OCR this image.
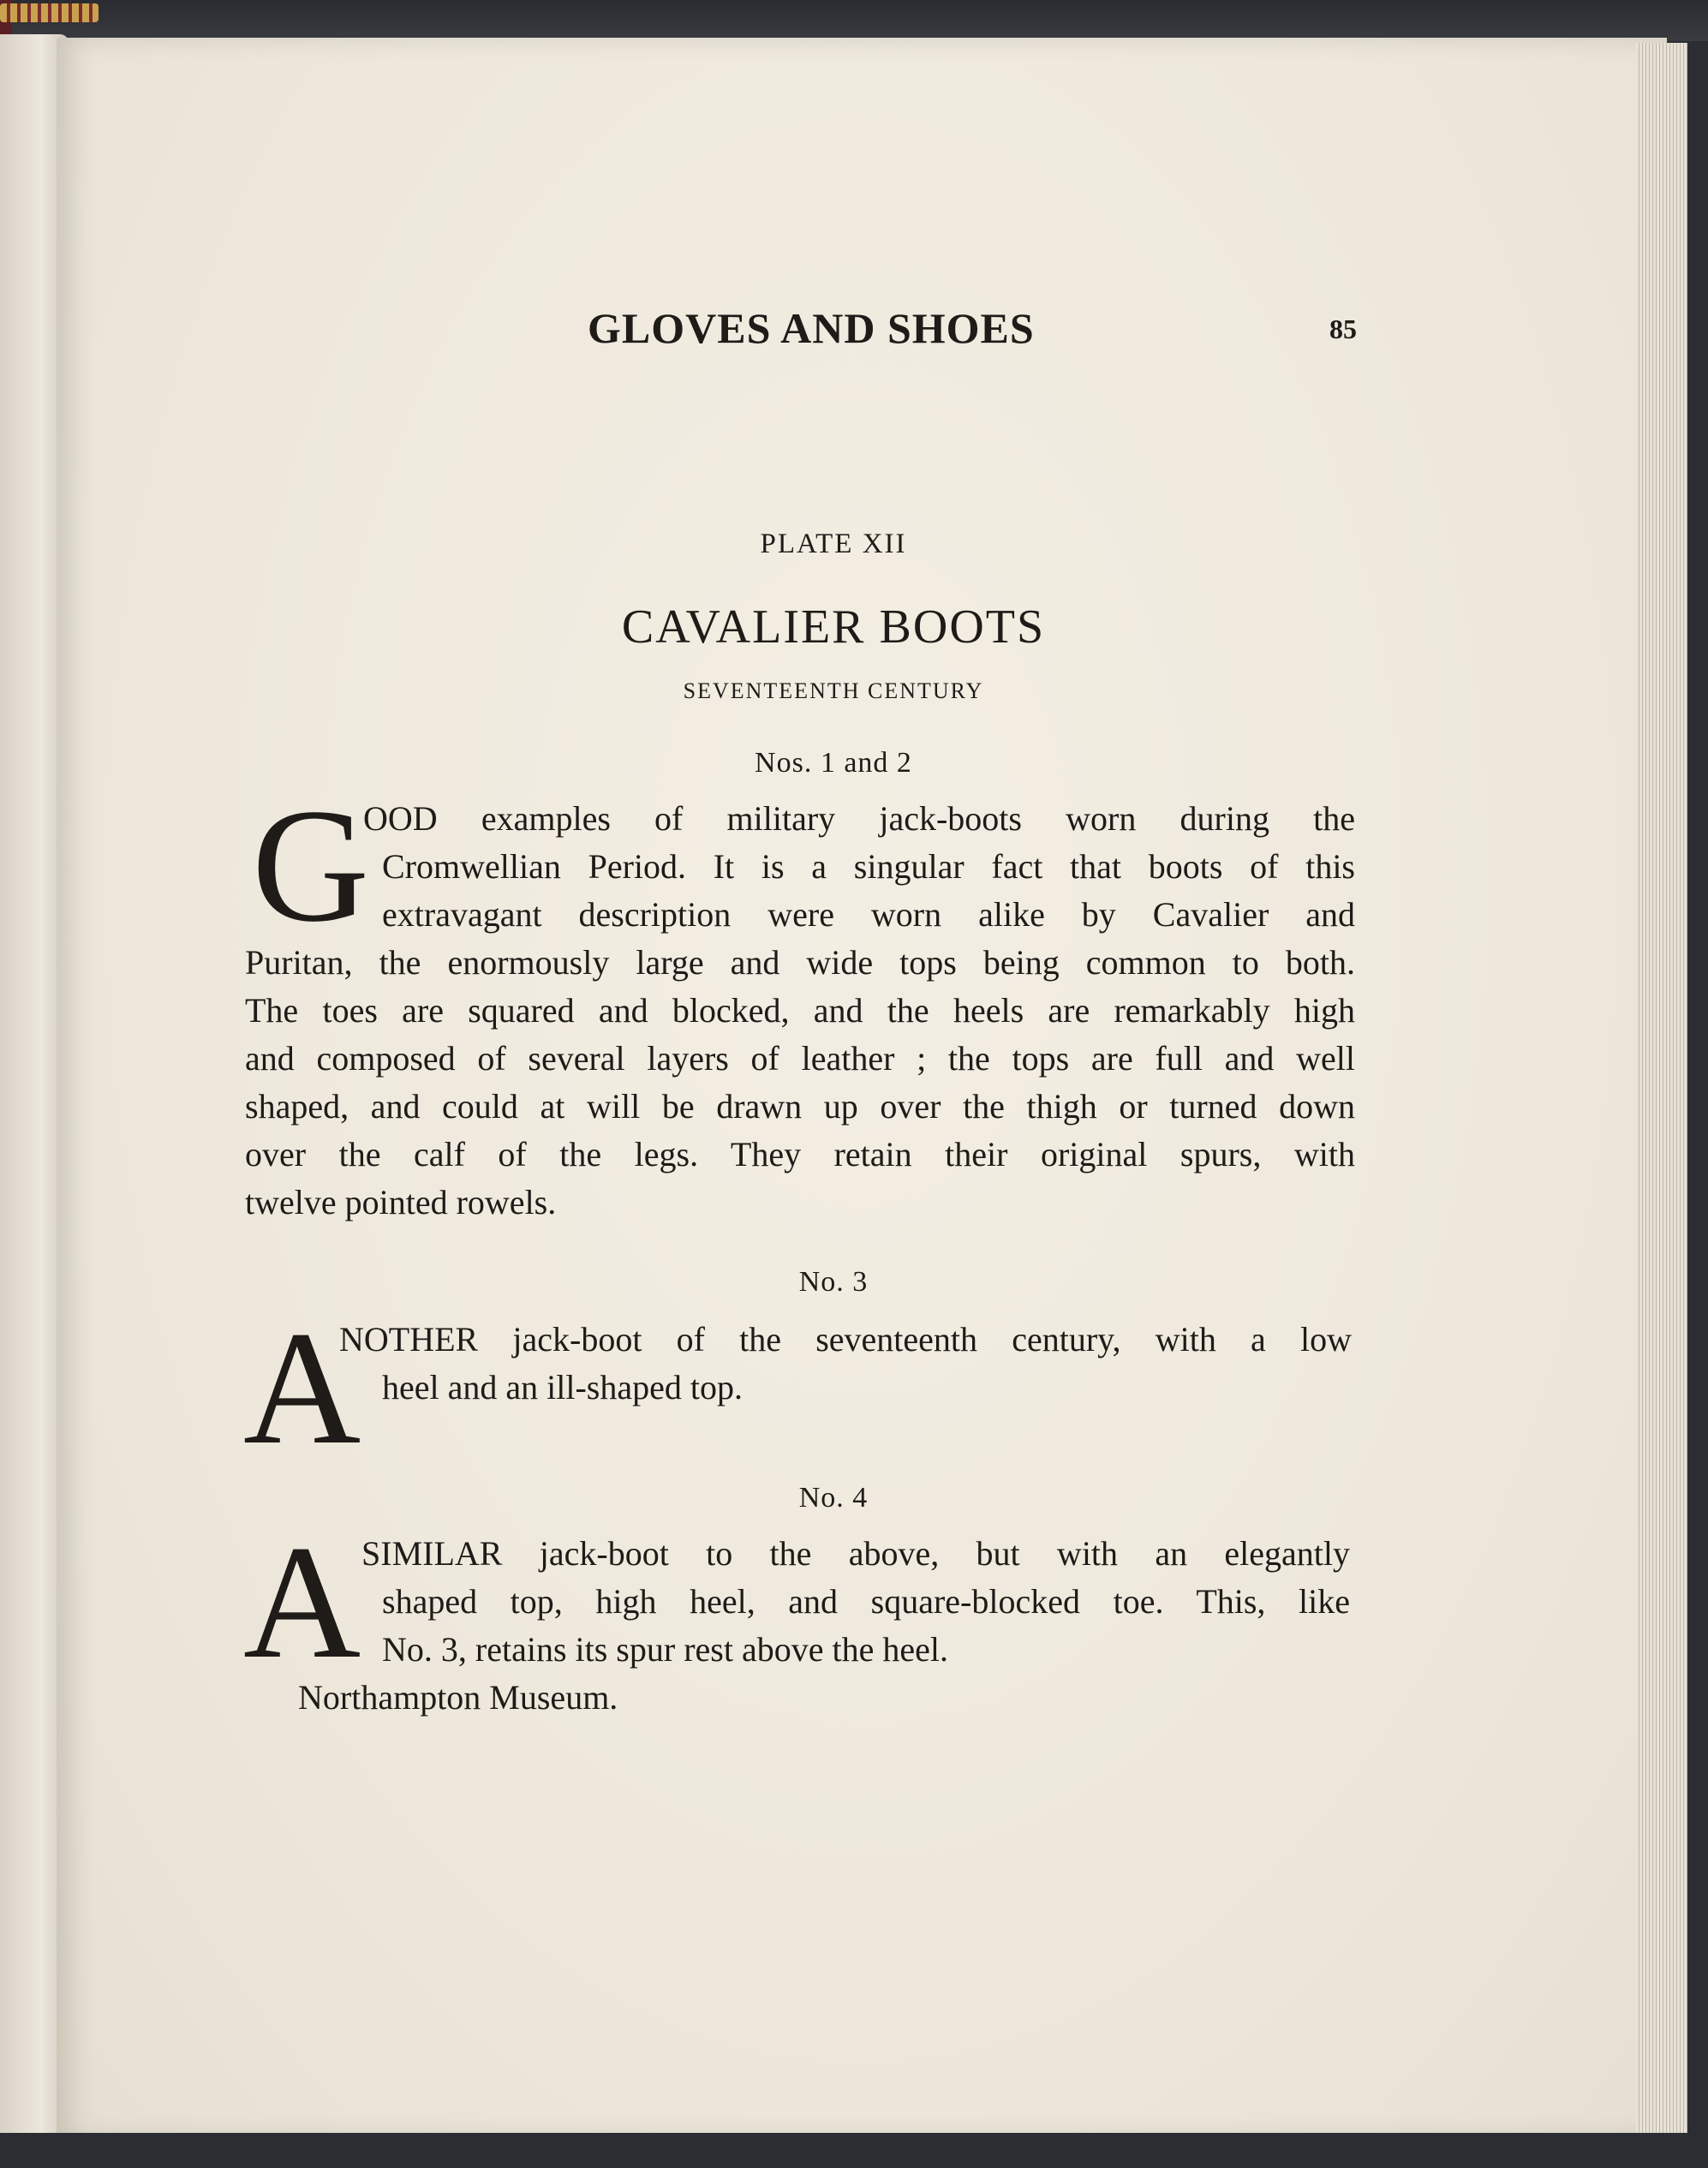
GLOVES AND SHOES	85
PLATE XII
CAVALIER BOOTS
SEVENTEENTH CENTURY
Nos. 1 and 2
G
OOD examples of military jack-boots worn during the
Cromwellian Period. It is a singular fact that boots of this
extravagant description were worn alike by Cavalier and
Puritan, the enormously large and wide tops being common to both.
The toes are squared and blocked, and the heels are remarkably high
and composed of several layers of leather ; the tops are full and well
shaped, and could at will be drawn up over the thigh or turned down
over the calf of the legs. They retain their original spurs, with
twelve pointed rowels.
No. 3
A
NOTHER jack-boot of the seventeenth century, with a low
heel and an ill-shaped top.
No. 4
A SIMILAR jack-boot to the above, but with an elegantly
shaped top, high heel, and square-blocked toe. This, like
No. 3, retains its spur rest above the heel.
Northampton Museum.
